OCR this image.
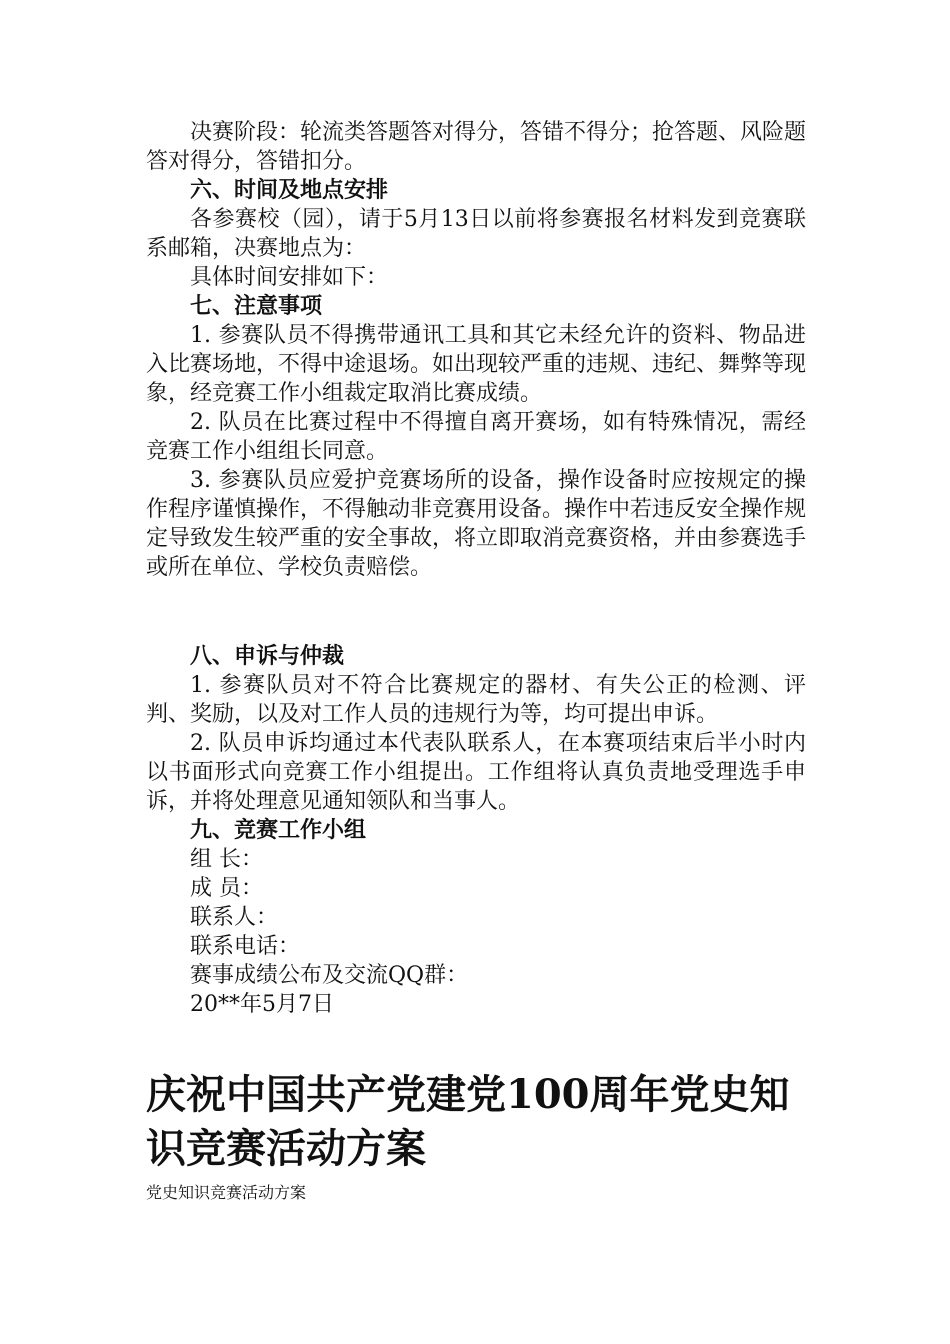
决赛阶段：轮流类答题答对得分，答错不得分；抢答题、风险题答对得分，答错扣分。

六、时间及地点安排

各参赛校（园），请于5月13日以前将参赛报名材料发到竞赛联系邮箱，决赛地点为：

具体时间安排如下：

七、注意事项

1. 参赛队员不得携带通讯工具和其它未经允许的资料、物品进入比赛场地，不得中途退场。如出现较严重的违规、违纪、舞弊等现象，经竞赛工作小组裁定取消比赛成绩。

2. 队员在比赛过程中不得擅自离开赛场，如有特殊情况，需经竞赛工作小组组长同意。

3. 参赛队员应爱护竞赛场所的设备，操作设备时应按规定的操作程序谨慎操作，不得触动非竞赛用设备。操作中若违反安全操作规定导致发生较严重的安全事故，将立即取消竞赛资格，并由参赛选手或所在单位、学校负责赔偿。

八、申诉与仲裁

1. 参赛队员对不符合比赛规定的器材、有失公正的检测、评判、奖励，以及对工作人员的违规行为等，均可提出申诉。

2. 队员申诉均通过本代表队联系人，在本赛项结束后半小时内以书面形式向竞赛工作小组提出。工作组将认真负责地受理选手申诉，并将处理意见通知领队和当事人。

九、竞赛工作小组

组 长：

成 员：

联系人：

联系电话：

赛事成绩公布及交流QQ群：

20**年5月7日

庆祝中国共产党建党100周年党史知识竞赛活动方案

党史知识竞赛活动方案
